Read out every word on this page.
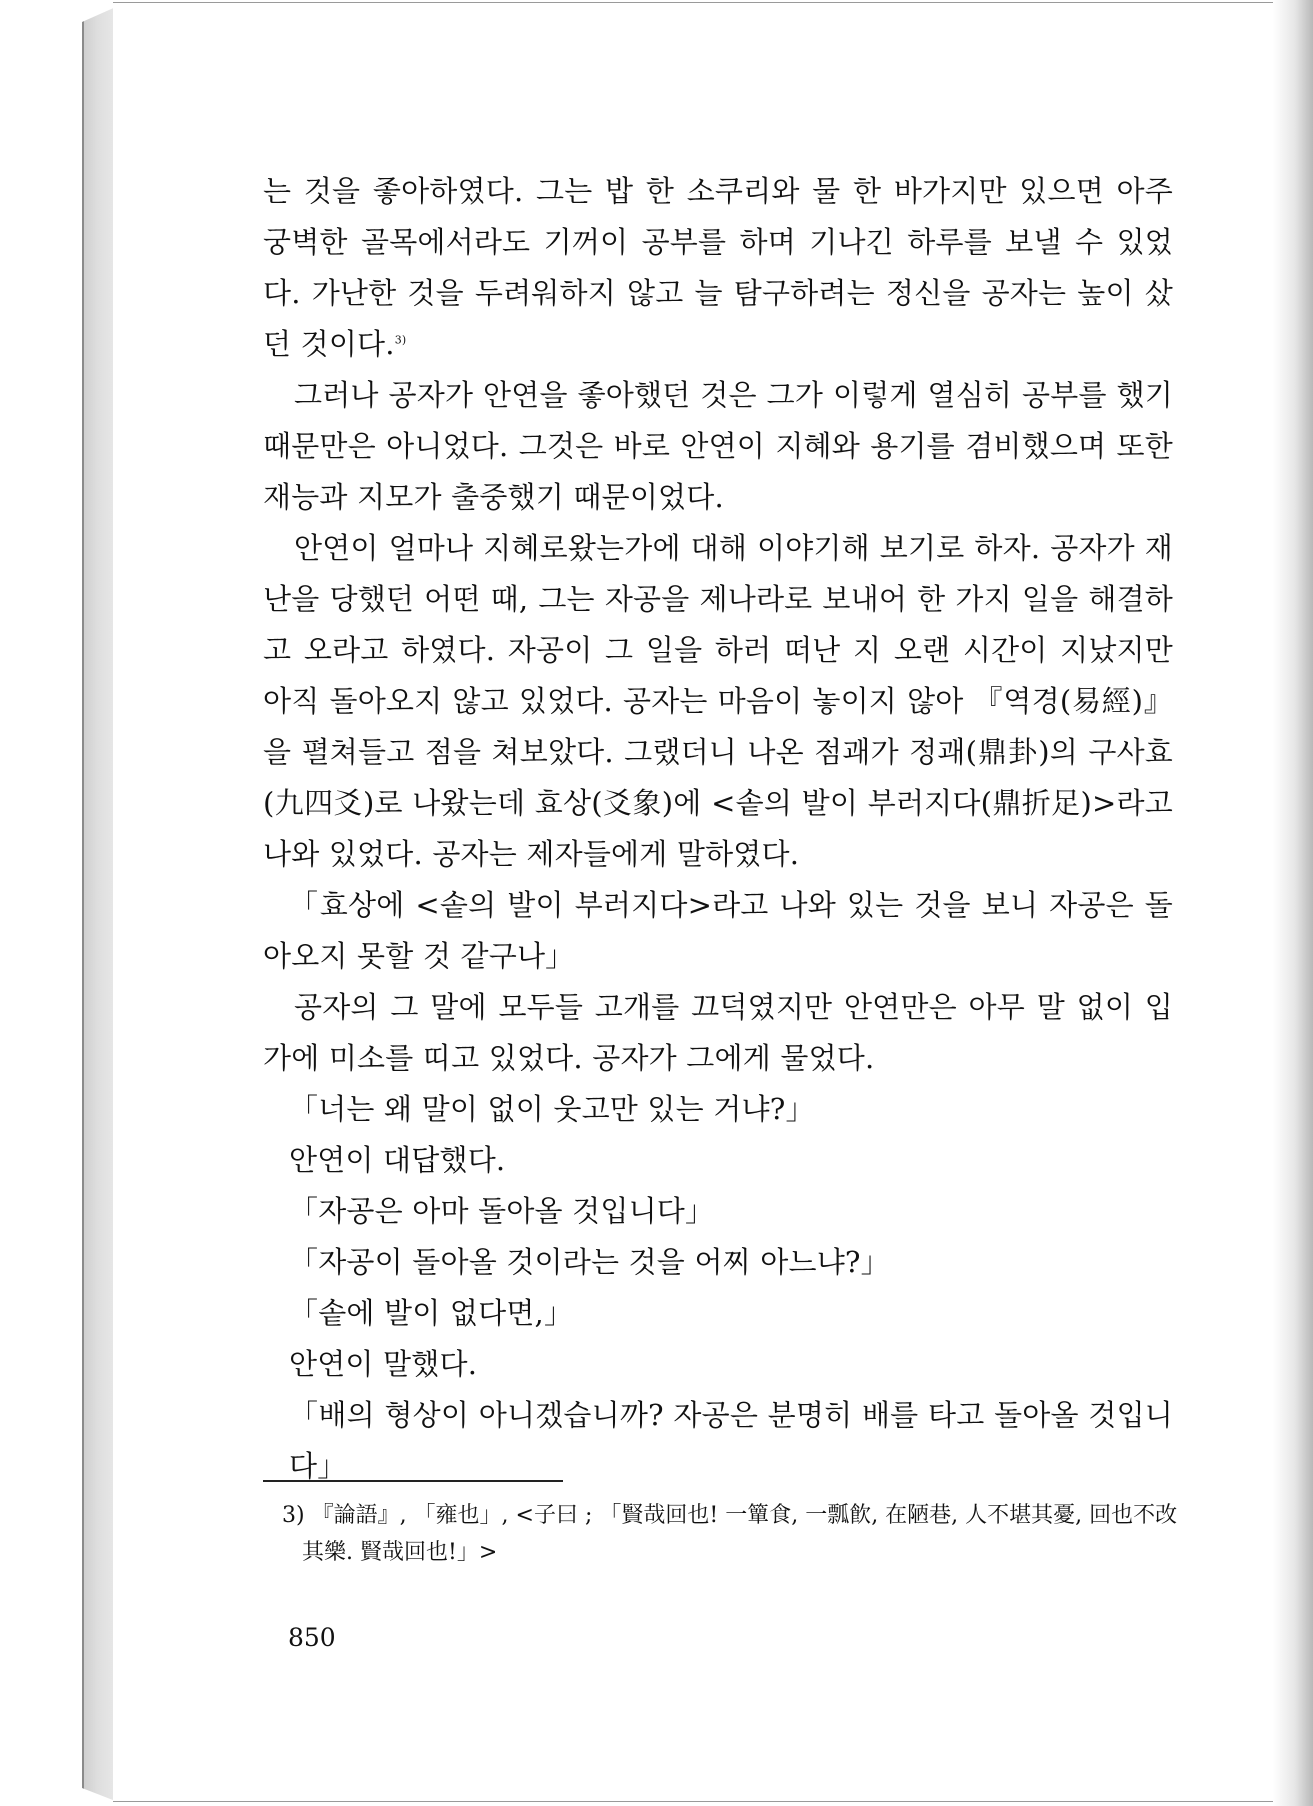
는 것을 좋아하였다. 그는 밥 한 소쿠리와 물 한 바가지만 있으면 아주 궁벽한 골목에서라도 기꺼이 공부를 하며 기나긴 하루를 보낼 수 있었다. 가난한 것을 두려워하지 않고 늘 탐구하려는 정신을 공자는 높이 샀던 것이다.$^{3)}$

그러나 공자가 안연을 좋아했던 것은 그가 이렇게 열심히 공부를 했기 때문만은 아니었다. 그것은 바로 안연이 지혜와 용기를 겸비했으며 또한 재능과 지모가 출중했기 때문이었다.

안연이 얼마나 지혜로왔는가에 대해 이야기해 보기로 하자. 공자가 재난을 당했던 어떤 때, 그는 자공을 제나라로 보내어 한 가지 일을 해결하고 오라고 하였다. 자공이 그 일을 하러 떠난 지 오랜 시간이 지났지만 아직 돌아오지 않고 있었다. 공자는 마음이 놓이지 않아 『역경(易經)』을 펼쳐들고 점을 쳐보았다. 그랬더니 나온 점괘가 정괘(鼎卦)의 구사효(九四爻)로 나왔는데 효상(爻象)에 <솥의 발이 부러지다(鼎折足)>라고 나와 있었다. 공자는 제자들에게 말하였다.

「효상에 <솥의 발이 부러지다>라고 나와 있는 것을 보니 자공은 돌아오지 못할 것 같구나」

공자의 그 말에 모두들 고개를 끄덕였지만 안연만은 아무 말 없이 입가에 미소를 띠고 있었다. 공자가 그에게 물었다.

「너는 왜 말이 없이 웃고만 있는 거냐?」

안연이 대답했다.

「자공은 아마 돌아올 것입니다」

「자공이 돌아올 것이라는 것을 어찌 아느냐?」

「솥에 발이 없다면,」

안연이 말했다.

「배의 형상이 아니겠습니까? 자공은 분명히 배를 타고 돌아올 것입니다」

3) 『論語』, 「雍也」, <子曰 ; 「賢哉回也! 一簞食, 一瓢飮, 在陋巷, 人不堪其憂, 回也不改其樂. 賢哉回也!」>
850
